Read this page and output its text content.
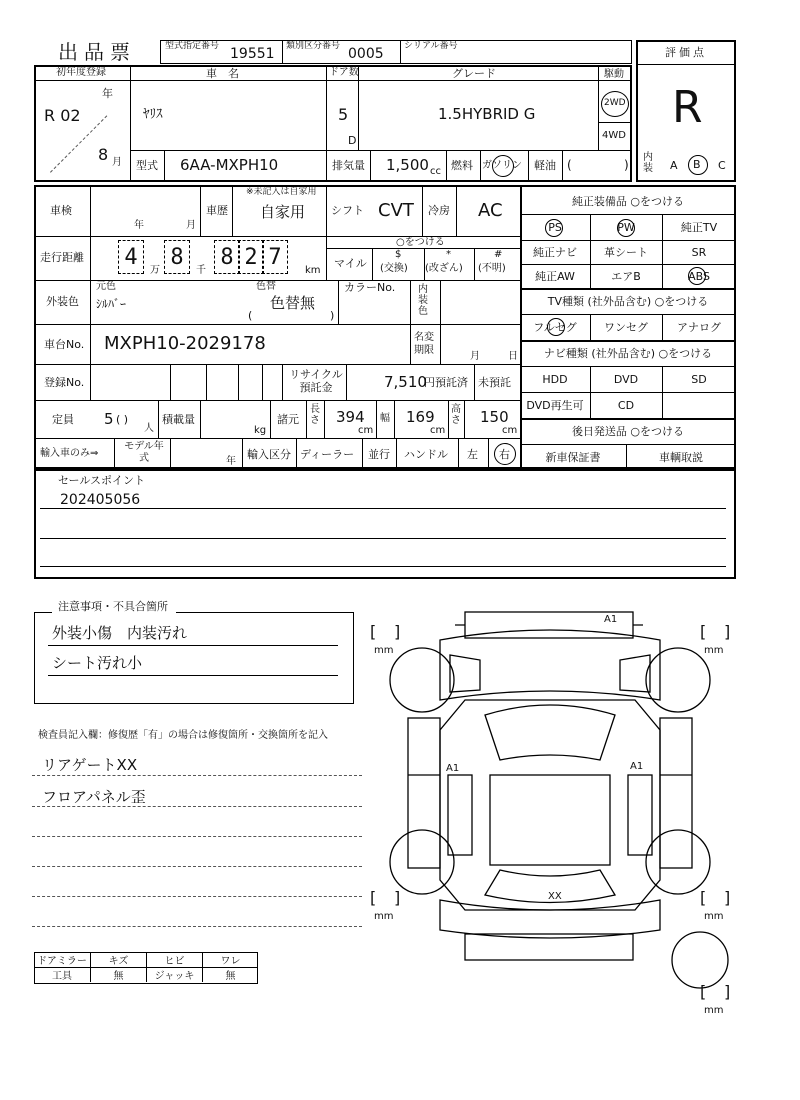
出品票	型式指定番号 19551 類別区分番号 0005 シリアル番号	評価点
R
初年度登録
R 02
年
8 月
車　名
ﾔﾘｽ
ドア数
5
D
グレード
1.5HYBRID G
駆動
2WD
4WD
型式 6AA-MXPH10	排気量 1,500 cc 燃料 ガソリン 軽油 (	)
内装 A B C
車検
年	月
車歴
※未記入は自家用
自家用 シフト CVT 冷房 AC
走行距離 4 8 8 2 7
万	千	km
○をつける
マイル
$
(交換)
*
(改ざん)
#
(不明)
外装色
元色
ｼﾙﾊﾞｰ
色替
色替無
(	)
カラーNo. 内装色
車台No. MXPH10-2029178	名変期限
月	日
登録No.
リサイクル預託金	7,510
円預託済 未預託
定員 5 ( )
人
積載量
kg
諸元
長さ 394
cm
幅 169
cm
高さ 150
cm
輸入車のみ⇒
モデル年式	年
輸入区分 ディーラー 並行 ハンドル 左 右
純正装備品 ○をつける
PS	PW	純正TV
純正ナビ	革シート	SR
純正AW	エアB	ABS
TV種類 (社外品含む) ○をつける
フルセグ	ワンセグ	アナログ
ナビ種類 (社外品含む) ○をつける
HDD	DVD	SD
DVD再生可	CD
後日発送品 ○をつける
新車保証書	車輌取説
セールスポイント
202405056
注意事項・不具合箇所
外装小傷　内装汚れ
シート汚れ小
検査員記入欄：修復歴「有」の場合は修復箇所・交換箇所を記入
リアゲートXX
フロアパネル歪
ドアミラー	キズ	ヒビ	ワレ
工具	無	ジャッキ	無
A1
A1	A1
XX
[ ]
mm
[ ]
mm
[ ]
mm
[ ]
mm
[ ]
mm
